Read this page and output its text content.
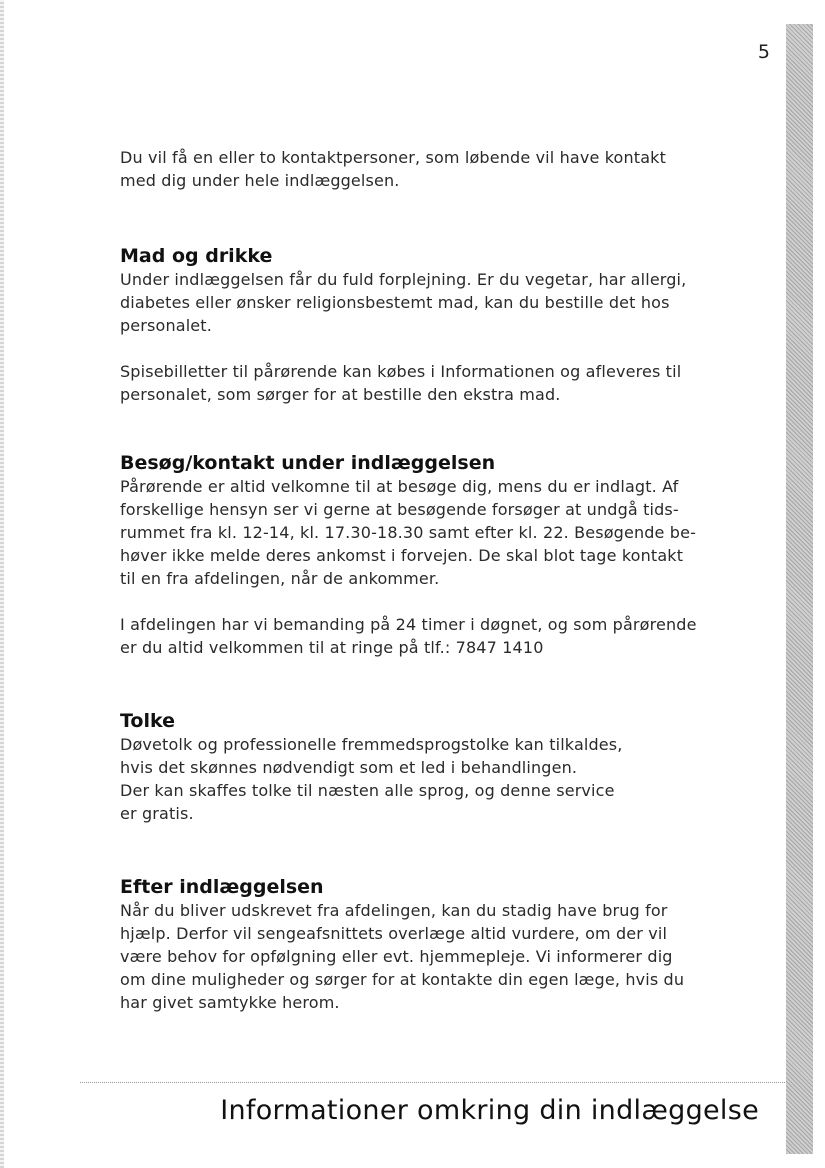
5

Du vil få en eller to kontaktpersoner, som løbende vil have kontakt
med dig under hele indlæggelsen.

Mad og drikke

Under indlæggelsen får du fuld forplejning. Er du vegetar, har allergi,
diabetes eller ønsker religionsbestemt mad, kan du bestille det hos
personalet.

Spisebilletter til pårørende kan købes i Informationen og afleveres til
personalet, som sørger for at bestille den ekstra mad.

Besøg/kontakt under indlæggelsen

Pårørende er altid velkomne til at besøge dig, mens du er indlagt. Af
forskellige hensyn ser vi gerne at besøgende forsøger at undgå tids-
rummet fra kl. 12-14, kl. 17.30-18.30 samt efter kl. 22. Besøgende be-
høver ikke melde deres ankomst i forvejen. De skal blot tage kontakt
til en fra afdelingen, når de ankommer.

I afdelingen har vi bemanding på 24 timer i døgnet, og som pårørende
er du altid velkommen til at ringe på tlf.: 7847 1410

Tolke

Døvetolk og professionelle fremmedsprogstolke kan tilkaldes,
hvis det skønnes nødvendigt som et led i behandlingen.
Der kan skaffes tolke til næsten alle sprog, og denne service
er gratis.

Efter indlæggelsen

Når du bliver udskrevet fra afdelingen, kan du stadig have brug for
hjælp. Derfor vil sengeafsnittets overlæge altid vurdere, om der vil
være behov for opfølgning eller evt. hjemmepleje. Vi informerer dig
om dine muligheder og sørger for at kontakte din egen læge, hvis du
har givet samtykke herom.

Informationer omkring din indlæggelse
